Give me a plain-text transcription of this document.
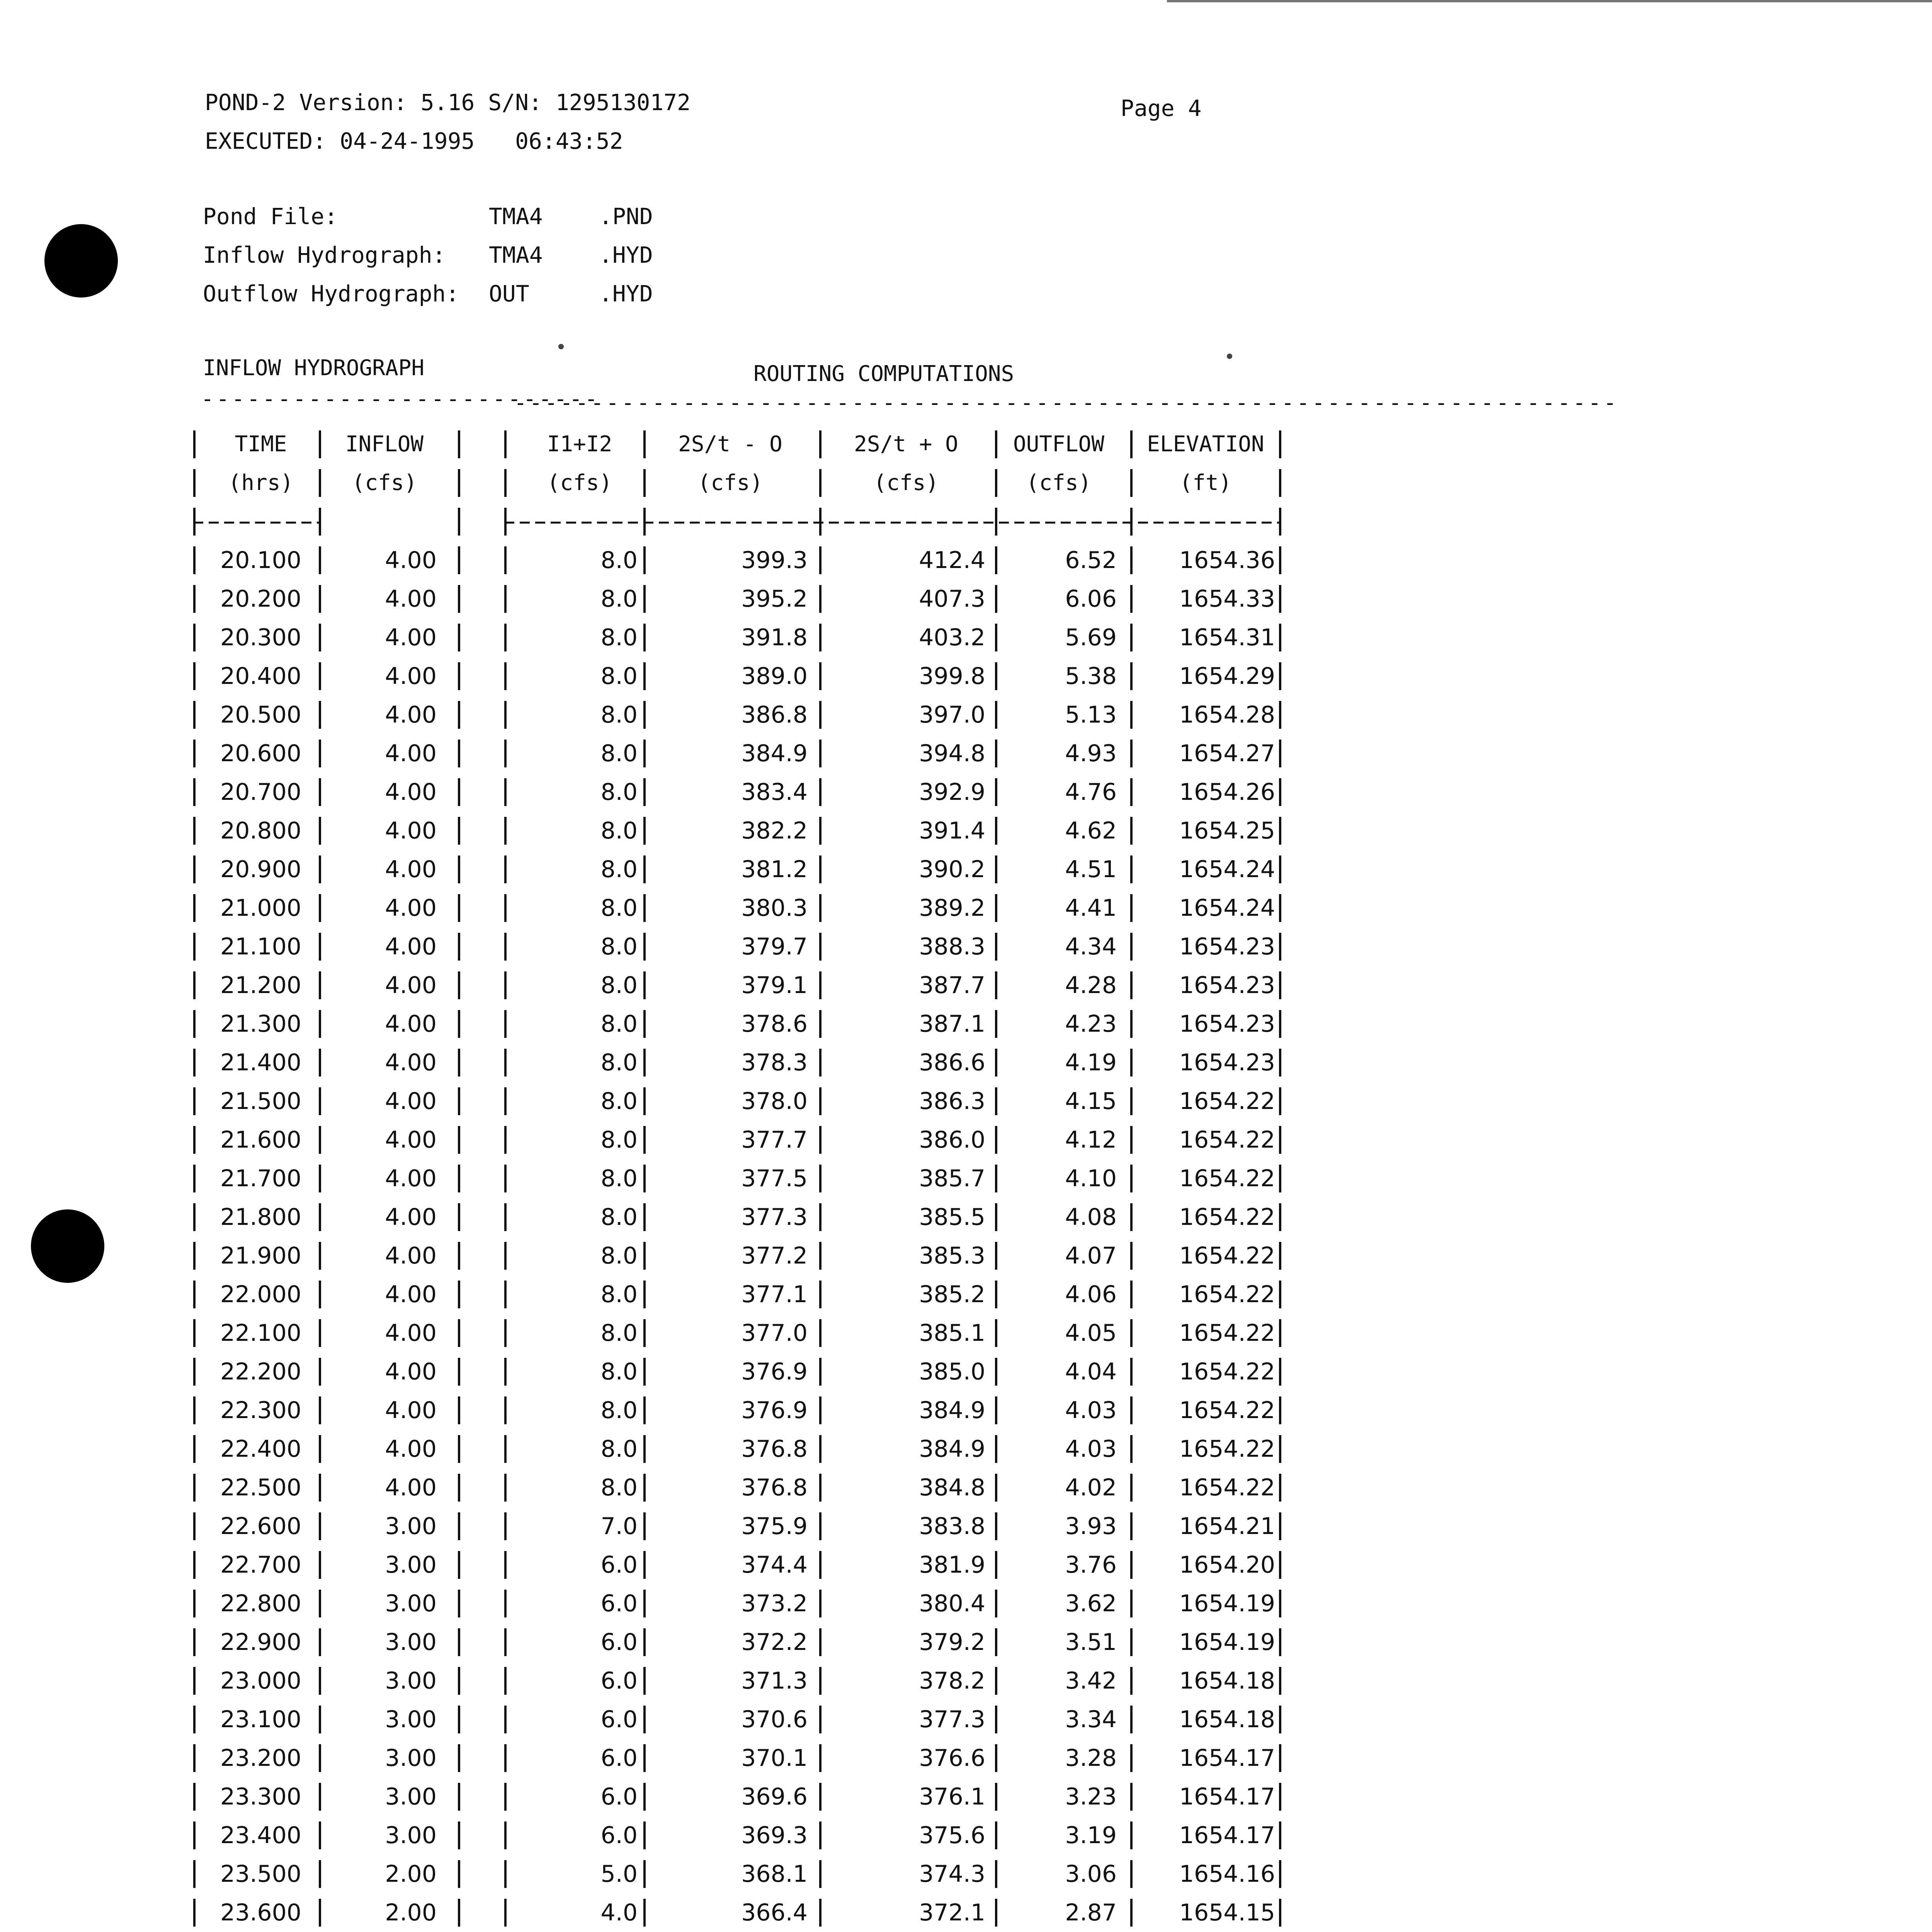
POND-2 Version: 5.16 S/N: 1295130172
EXECUTED: 04-24-1995   06:43:52
Page 4
Pond File:	TMA4	.PND
Inflow Hydrograph: TMA4	.HYD
Outflow Hydrograph: OUT	.HYD
INFLOW HYDROGRAPH	ROUTING COMPUTATIONS
--------------------------
------------------------------------------------------------------------
TIME	INFLOW	I1+I2	2S/t - O	2S/t + O	OUTFLOW	ELEVATION
(hrs)	(cfs)	(cfs)	(cfs)	(cfs)	(cfs)	(ft)
20.100	4.00	8.0	399.3	412.4	6.52	1654.36
20.200	4.00	8.0	395.2	407.3	6.06	1654.33
20.300	4.00	8.0	391.8	403.2	5.69	1654.31
20.400	4.00	8.0	389.0	399.8	5.38	1654.29
20.500	4.00	8.0	386.8	397.0	5.13	1654.28
20.600	4.00	8.0	384.9	394.8	4.93	1654.27
20.700	4.00	8.0	383.4	392.9	4.76	1654.26
20.800	4.00	8.0	382.2	391.4	4.62	1654.25
20.900	4.00	8.0	381.2	390.2	4.51	1654.24
21.000	4.00	8.0	380.3	389.2	4.41	1654.24
21.100	4.00	8.0	379.7	388.3	4.34	1654.23
21.200	4.00	8.0	379.1	387.7	4.28	1654.23
21.300	4.00	8.0	378.6	387.1	4.23	1654.23
21.400	4.00	8.0	378.3	386.6	4.19	1654.23
21.500	4.00	8.0	378.0	386.3	4.15	1654.22
21.600	4.00	8.0	377.7	386.0	4.12	1654.22
21.700	4.00	8.0	377.5	385.7	4.10	1654.22
21.800	4.00	8.0	377.3	385.5	4.08	1654.22
21.900	4.00	8.0	377.2	385.3	4.07	1654.22
22.000	4.00	8.0	377.1	385.2	4.06	1654.22
22.100	4.00	8.0	377.0	385.1	4.05	1654.22
22.200	4.00	8.0	376.9	385.0	4.04	1654.22
22.300	4.00	8.0	376.9	384.9	4.03	1654.22
22.400	4.00	8.0	376.8	384.9	4.03	1654.22
22.500	4.00	8.0	376.8	384.8	4.02	1654.22
22.600	3.00	7.0	375.9	383.8	3.93	1654.21
22.700	3.00	6.0	374.4	381.9	3.76	1654.20
22.800	3.00	6.0	373.2	380.4	3.62	1654.19
22.900	3.00	6.0	372.2	379.2	3.51	1654.19
23.000	3.00	6.0	371.3	378.2	3.42	1654.18
23.100	3.00	6.0	370.6	377.3	3.34	1654.18
23.200	3.00	6.0	370.1	376.6	3.28	1654.17
23.300	3.00	6.0	369.6	376.1	3.23	1654.17
23.400	3.00	6.0	369.3	375.6	3.19	1654.17
23.500	2.00	5.0	368.1	374.3	3.06	1654.16
23.600	2.00	4.0	366.4	372.1	2.87	1654.15
